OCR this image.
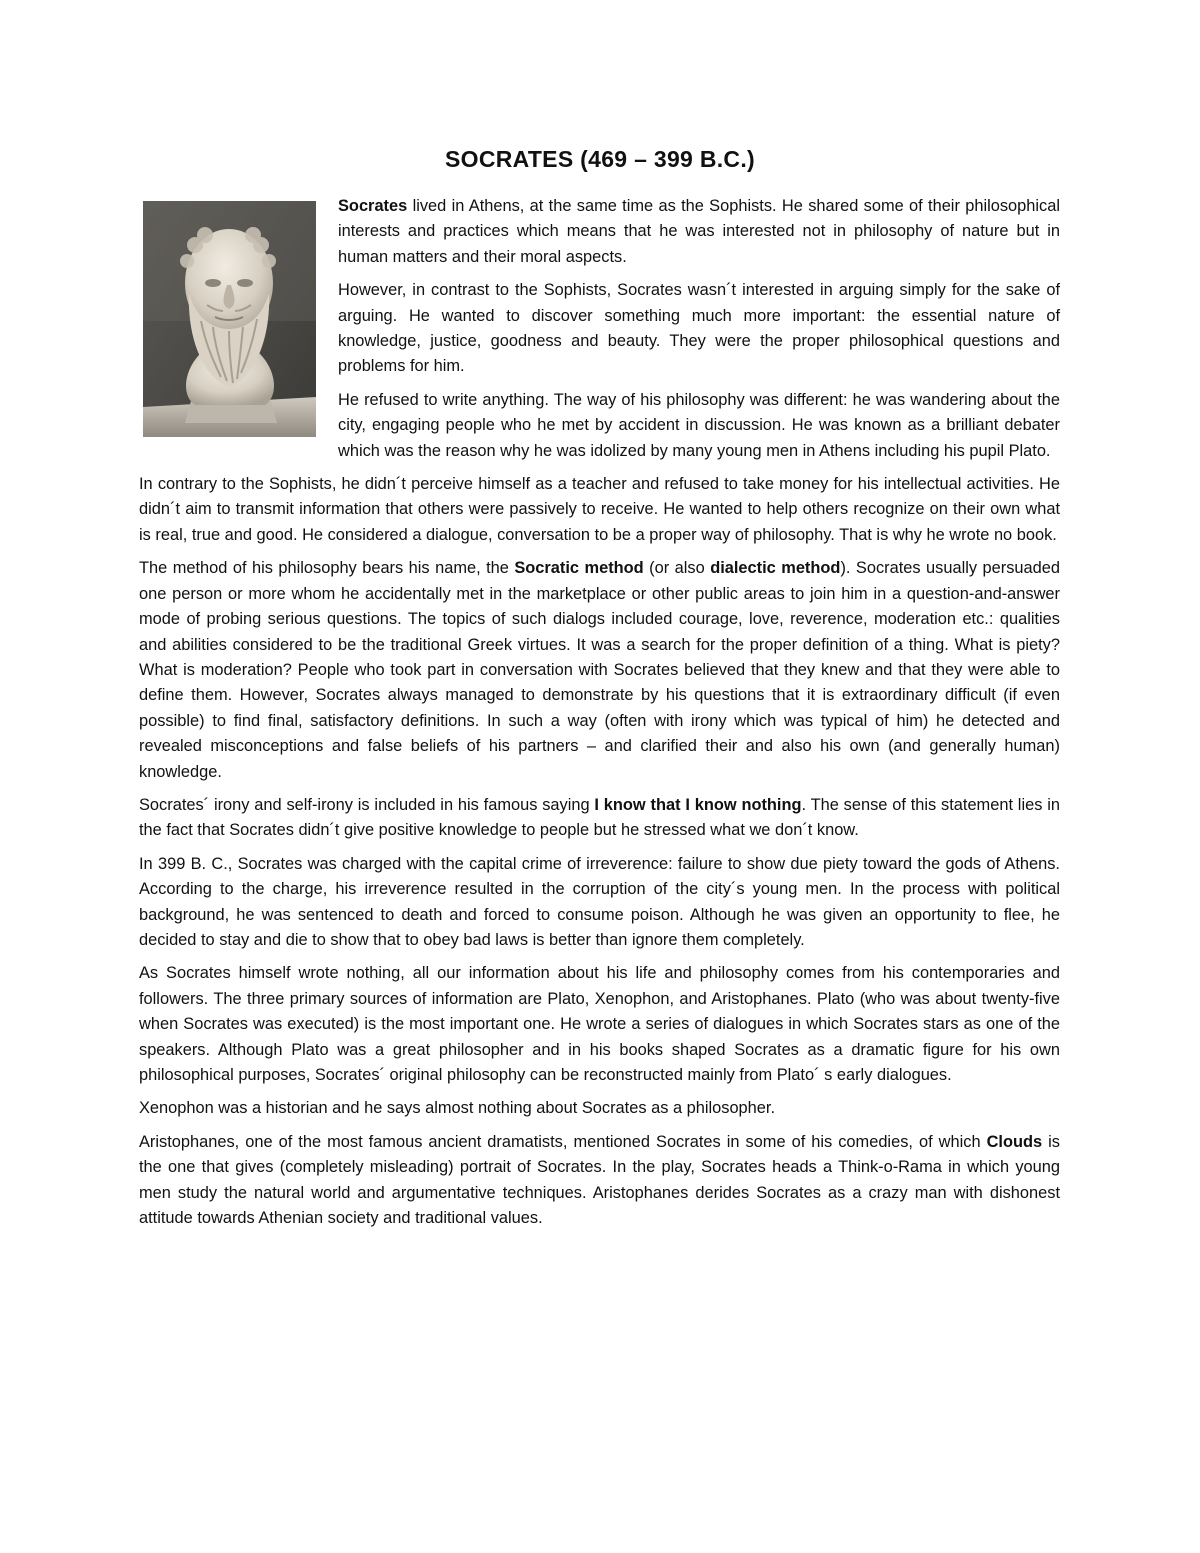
SOCRATES (469 – 399 B.C.)

Socrates lived in Athens, at the same time as the Sophists. He shared some of their philosophical interests and practices which means that he was interested not in philosophy of nature but in human matters and their moral aspects.

However, in contrast to the Sophists, Socrates wasn´t interested in arguing simply for the sake of arguing. He wanted to discover something much more important: the essential nature of knowledge, justice, goodness and beauty. They were the proper philosophical questions and problems for him.

He refused to write anything. The way of his philosophy was different: he was wandering about the city, engaging people who he met by accident in discussion. He was known as a brilliant debater which was the reason why he was idolized by many young men in Athens including his pupil Plato.

In contrary to the Sophists, he didn´t perceive himself as a teacher and refused to take money for his intellectual activities. He didn´t aim to transmit information that others were passively to receive. He wanted to help others recognize on their own what is real, true and good. He considered a dialogue, conversation to be a proper way of philosophy. That is why he wrote no book.

The method of his philosophy bears his name, the Socratic method (or also dialectic method). Socrates usually persuaded one person or more whom he accidentally met in the marketplace or other public areas to join him in a question-and-answer mode of probing serious questions. The topics of such dialogs included courage, love, reverence, moderation etc.: qualities and abilities considered to be the traditional Greek virtues. It was a search for the proper definition of a thing. What is piety? What is moderation? People who took part in conversation with Socrates believed that they knew and that they were able to define them. However, Socrates always managed to demonstrate by his questions that it is extraordinary difficult (if even possible) to find final, satisfactory definitions. In such a way (often with irony which was typical of him) he detected and revealed misconceptions and false beliefs of his partners – and clarified their and also his own (and generally human) knowledge.

Socrates´ irony and self-irony is included in his famous saying I know that I know nothing. The sense of this statement lies in the fact that Socrates didn´t give positive knowledge to people but he stressed what we don´t know.

In 399 B. C., Socrates was charged with the capital crime of irreverence: failure to show due piety toward the gods of Athens. According to the charge, his irreverence resulted in the corruption of the city´s young men. In the process with political background, he was sentenced to death and forced to consume poison. Although he was given an opportunity to flee, he decided to stay and die to show that to obey bad laws is better than ignore them completely.

As Socrates himself wrote nothing, all our information about his life and philosophy comes from his contemporaries and followers. The three primary sources of information are Plato, Xenophon, and Aristophanes. Plato (who was about twenty-five when Socrates was executed) is the most important one. He wrote a series of dialogues in which Socrates stars as one of the speakers. Although Plato was a great philosopher and in his books shaped Socrates as a dramatic figure for his own philosophical purposes, Socrates´ original philosophy can be reconstructed mainly from Plato´ s early dialogues.

Xenophon was a historian and he says almost nothing about Socrates as a philosopher.

Aristophanes, one of the most famous ancient dramatists, mentioned Socrates in some of his comedies, of which Clouds is the one that gives (completely misleading) portrait of Socrates. In the play, Socrates heads a Think-o-Rama in which young men study the natural world and argumentative techniques. Aristophanes derides Socrates as a crazy man with dishonest attitude towards Athenian society and traditional values.
